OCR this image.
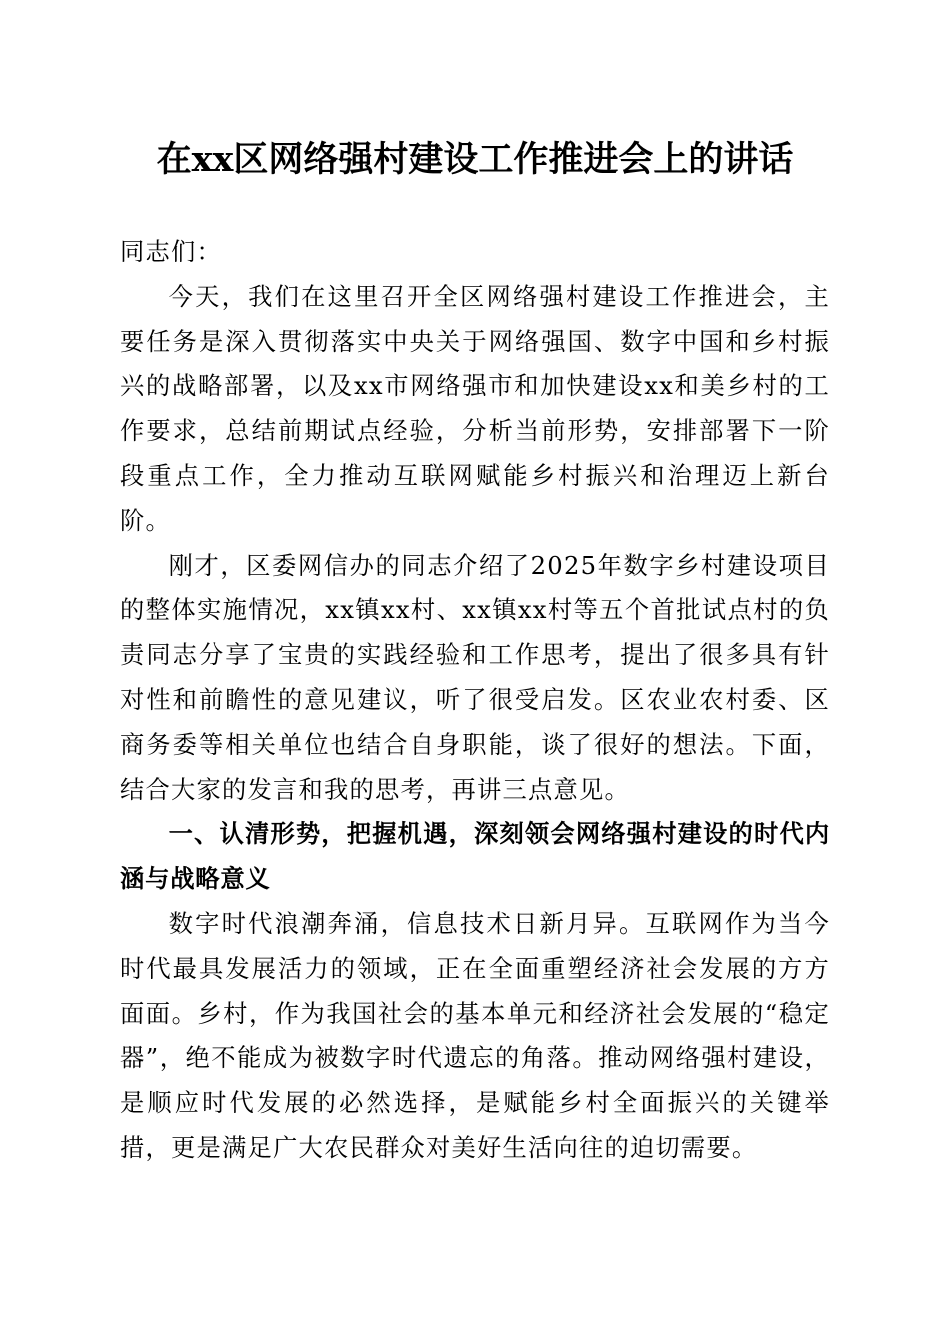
在xx区网络强村建设工作推进会上的讲话

同志们：

今天，我们在这里召开全区网络强村建设工作推进会，主要任务是深入贯彻落实中央关于网络强国、数字中国和乡村振兴的战略部署，以及xx市网络强市和加快建设xx和美乡村的工作要求，总结前期试点经验，分析当前形势，安排部署下一阶段重点工作，全力推动互联网赋能乡村振兴和治理迈上新台阶。

刚才，区委网信办的同志介绍了2025年数字乡村建设项目的整体实施情况，xx镇xx村、xx镇xx村等五个首批试点村的负责同志分享了宝贵的实践经验和工作思考，提出了很多具有针对性和前瞻性的意见建议，听了很受启发。区农业农村委、区商务委等相关单位也结合自身职能，谈了很好的想法。下面，结合大家的发言和我的思考，再讲三点意见。

一、认清形势，把握机遇，深刻领会网络强村建设的时代内涵与战略意义

数字时代浪潮奔涌，信息技术日新月异。互联网作为当今时代最具发展活力的领域，正在全面重塑经济社会发展的方方面面。乡村，作为我国社会的基本单元和经济社会发展的“稳定器”，绝不能成为被数字时代遗忘的角落。推动网络强村建设，是顺应时代发展的必然选择，是赋能乡村全面振兴的关键举措，更是满足广大农民群众对美好生活向往的迫切需要。
